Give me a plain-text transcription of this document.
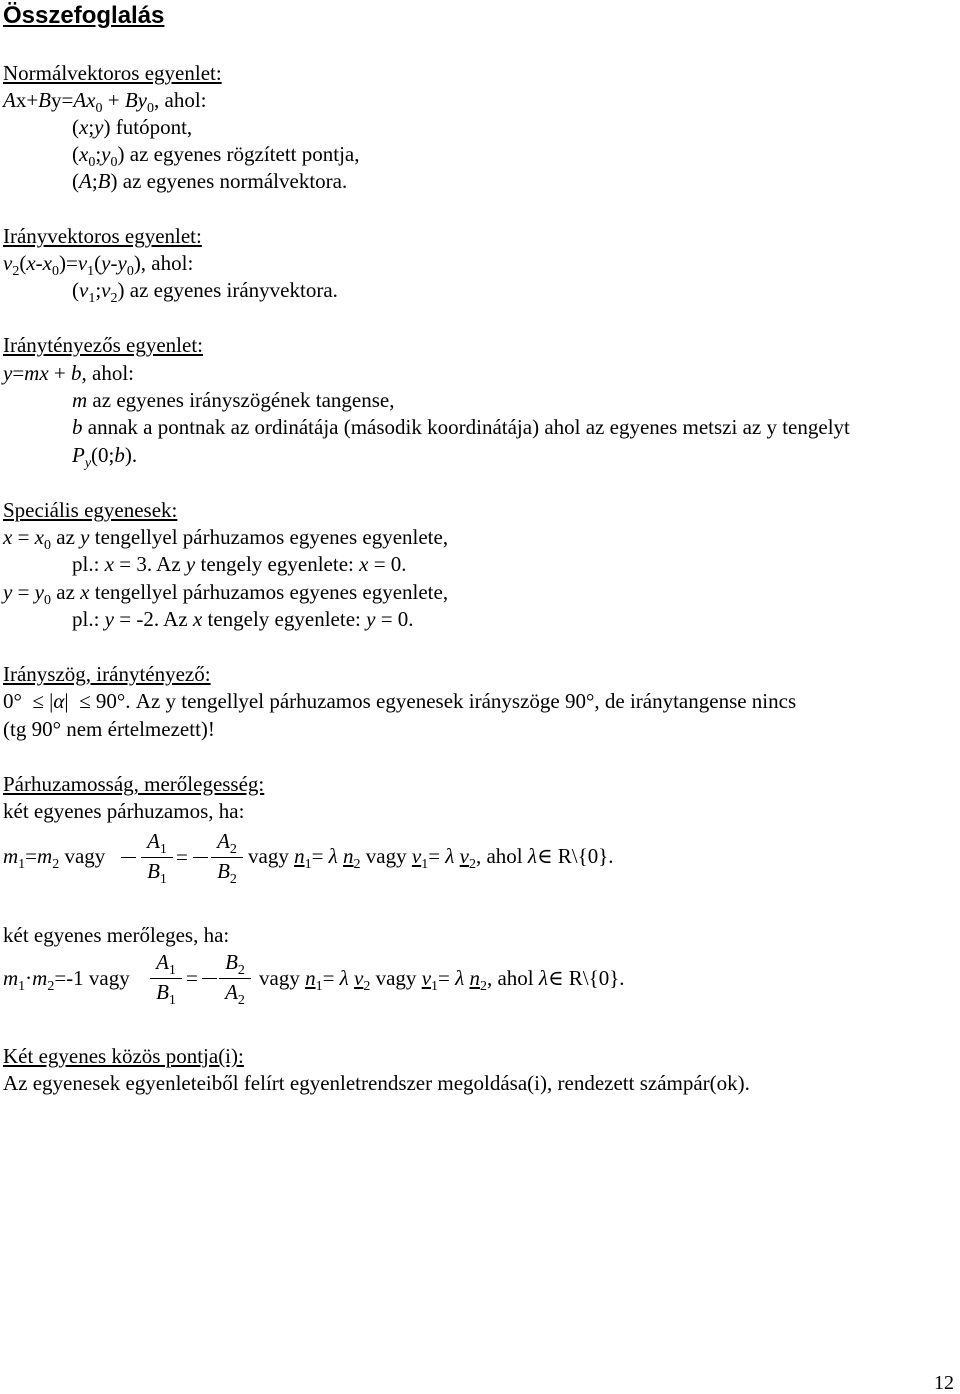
Összefoglalás
Normálvektoros egyenlet:
$Ax+By=Ax_0 + By_0$, ahol:
(x;y) futópont,
$(x_0;y_0)$ az egyenes rögzített pontja,
(A;B) az egyenes normálvektora.
Irányvektoros egyenlet:
$v_2(x-x_0)=v_1(y-y_0)$, ahol:
$(v_1;v_2)$ az egyenes irányvektora.
Iránytényezős egyenlet:
y=mx + b, ahol:
m az egyenes irányszögének tangense,
b annak a pontnak az ordinátája (második koordinátája) ahol az egyenes metszi az y tengelyt
$P_y(0;b)$.
Speciális egyenesek:
$x = x_0$ az y tengellyel párhuzamos egyenes egyenlete,
pl.: x = 3. Az y tengely egyenlete: x = 0.
$y = y_0$ az x tengellyel párhuzamos egyenes egyenlete,
pl.: y = -2. Az x tengely egyenlete: y = 0.
Irányszög, iránytényező:
0°  ≤ |α|  ≤ 90°. Az y tengellyel párhuzamos egyenesek irányszöge 90°, de iránytangense nincs
(tg 90° nem értelmezett)!
Párhuzamosság, merőlegesség:
két egyenes párhuzamos, ha:
$m_1=m_2$ vagy
$A_1$
$B_1$
=
$A_2$
$B_2$
vagy $n_1= \lambda$ $n_2$ vagy $v_1= \lambda$ $v_2$, ahol λ∈ R\{0}.
két egyenes merőleges, ha:
$m_1\cdot m_2=-1$ vagy
$A_1$
$B_1$
=
$B_2$
$A_2$
vagy $n_1= \lambda$ $v_2$ vagy $v_1= \lambda$ $n_2$, ahol λ∈ R\{0}.
Két egyenes közös pontja(i):
Az egyenesek egyenleteiből felírt egyenletrendszer megoldása(i), rendezett számpár(ok).
12
